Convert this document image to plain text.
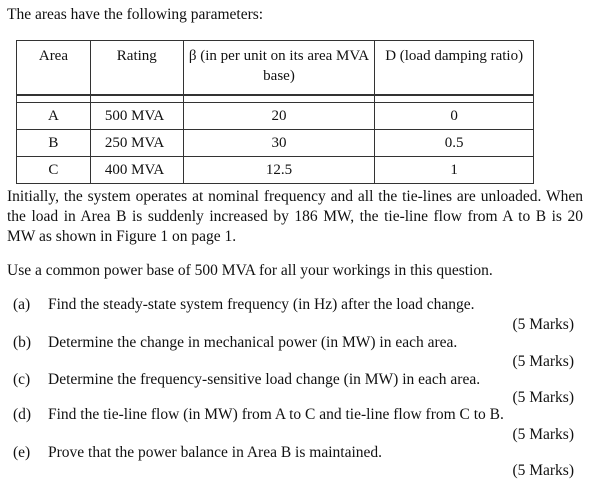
The areas have the following parameters:
Area	Rating	β (in per unit on its area MVA base)	D (load damping ratio)

A	500 MVA	20	0
B	250 MVA	30	0.5
C	400 MVA	12.5	1
Initially, the system operates at nominal frequency and all the tie-lines are unloaded. When the load in Area B is suddenly increased by 186 MW, the tie-line flow from A to B is 20 MW as shown in Figure 1 on page 1.
Use a common power base of 500 MVA for all your workings in this question.
(a) Find the steady-state system frequency (in Hz) after the load change.
(5 Marks)
(b) Determine the change in mechanical power (in MW) in each area.
(5 Marks)
(c) Determine the frequency-sensitive load change (in MW) in each area.
(5 Marks)
(d) Find the tie-line flow (in MW) from A to C and tie-line flow from C to B.
(5 Marks)
(e) Prove that the power balance in Area B is maintained.
(5 Marks)
